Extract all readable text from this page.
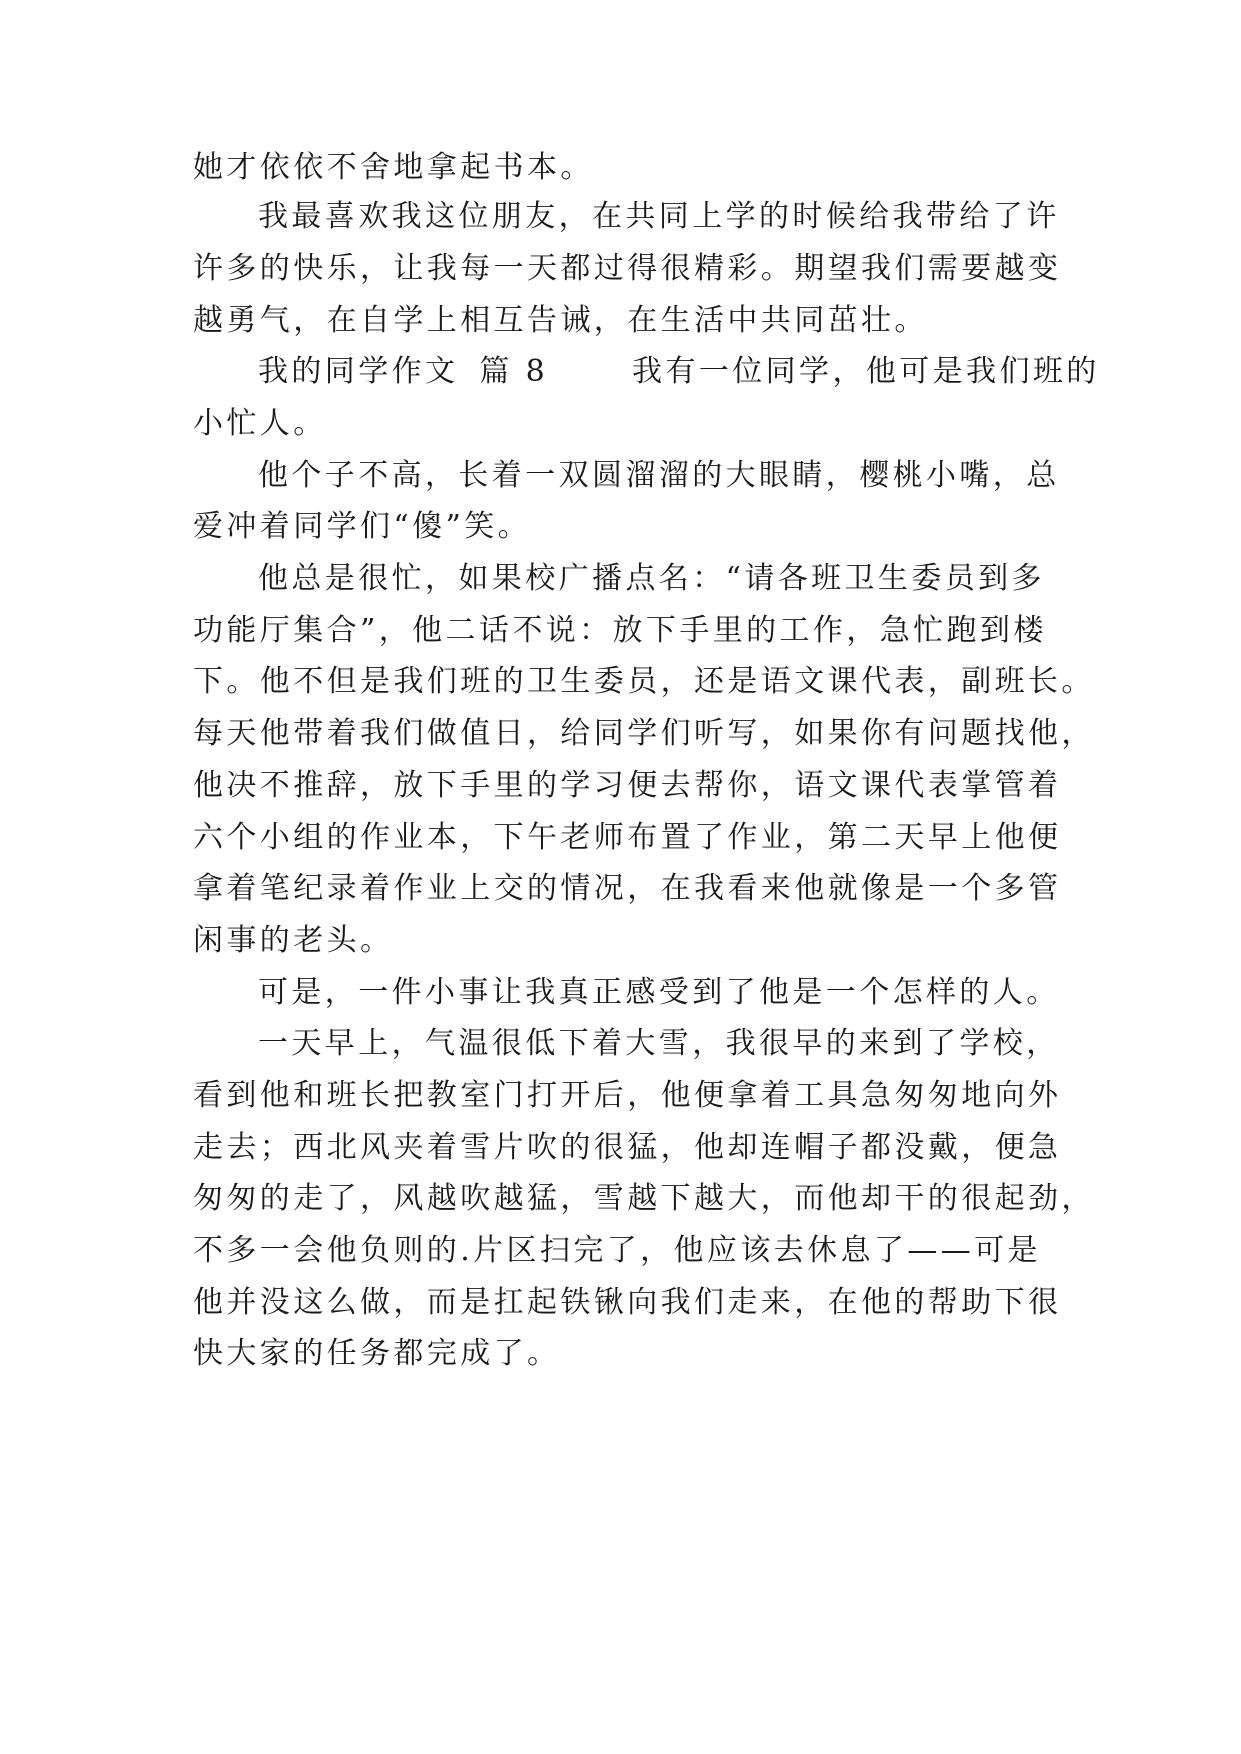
她才依依不舍地拿起书本。

我最喜欢我这位朋友，在共同上学的时候给我带给了许

许多的快乐，让我每一天都过得很精彩。期望我们需要越变

越勇气，在自学上相互告诫，在生活中共同茁壮。

我的同学作文 篇 8	我有一位同学，他可是我们班的

小忙人。

他个子不高，长着一双圆溜溜的大眼睛，樱桃小嘴，总

爱冲着同学们“傻”笑。

他总是很忙，如果校广播点名：“请各班卫生委员到多

功能厅集合”，他二话不说：放下手里的工作，急忙跑到楼

下。他不但是我们班的卫生委员，还是语文课代表，副班长。

每天他带着我们做值日，给同学们听写，如果你有问题找他，

他决不推辞，放下手里的学习便去帮你，语文课代表掌管着

六个小组的作业本，下午老师布置了作业，第二天早上他便

拿着笔纪录着作业上交的情况，在我看来他就像是一个多管

闲事的老头。

可是，一件小事让我真正感受到了他是一个怎样的人。

一天早上，气温很低下着大雪，我很早的来到了学校，

看到他和班长把教室门打开后，他便拿着工具急匆匆地向外

走去；西北风夹着雪片吹的很猛，他却连帽子都没戴，便急

匆匆的走了，风越吹越猛，雪越下越大，而他却干的很起劲，

不多一会他负则的.片区扫完了，他应该去休息了——可是

他并没这么做，而是扛起铁锹向我们走来，在他的帮助下很

快大家的任务都完成了。
